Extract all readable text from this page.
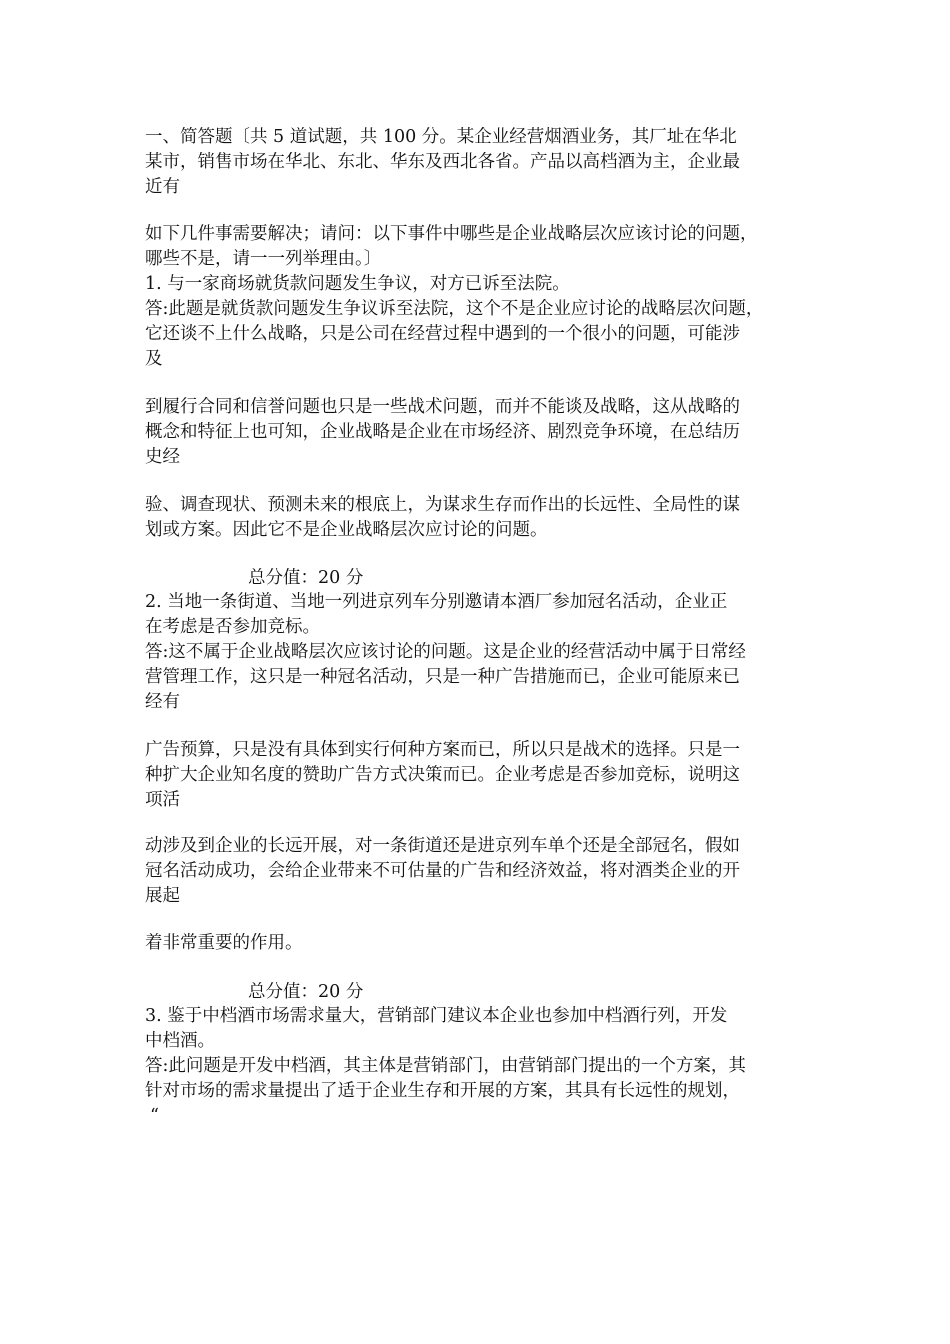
一、简答题〔共 5 道试题，共 100 分。某企业经营烟酒业务，其厂址在华北
某市，销售市场在华北、东北、华东及西北各省。产品以高档酒为主，企业最
近有
如下几件事需要解决；请问：以下事件中哪些是企业战略层次应该讨论的问题，
哪些不是，请一一列举理由。〕
1. 与一家商场就货款问题发生争议，对方已诉至法院。
答:此题是就货款问题发生争议诉至法院，这个不是企业应讨论的战略层次问题，
它还谈不上什么战略，只是公司在经营过程中遇到的一个很小的问题，可能涉
及
到履行合同和信誉问题也只是一些战术问题，而并不能谈及战略，这从战略的
概念和特征上也可知，企业战略是企业在市场经济、剧烈竞争环境，在总结历
史经
验、调查现状、预测未来的根底上，为谋求生存而作出的长远性、全局性的谋
划或方案。因此它不是企业战略层次应讨论的问题。
总分值：20 分
2. 当地一条街道、当地一列进京列车分别邀请本酒厂参加冠名活动，企业正
在考虑是否参加竞标。
答:这不属于企业战略层次应该讨论的问题。这是企业的经营活动中属于日常经
营管理工作，这只是一种冠名活动，只是一种广告措施而已，企业可能原来已
经有
广告预算，只是没有具体到实行何种方案而已，所以只是战术的选择。只是一
种扩大企业知名度的赞助广告方式决策而已。企业考虑是否参加竞标，说明这
项活
动涉及到企业的长远开展，对一条街道还是进京列车单个还是全部冠名，假如
冠名活动成功，会给企业带来不可估量的广告和经济效益，将对酒类企业的开
展起
着非常重要的作用。
总分值：20 分
3. 鉴于中档酒市场需求量大，营销部门建议本企业也参加中档酒行列，开发
中档酒。
答:此问题是开发中档酒，其主体是营销部门，由营销部门提出的一个方案，其
针对市场的需求量提出了适于企业生存和开展的方案，其具有长远性的规划，
“
